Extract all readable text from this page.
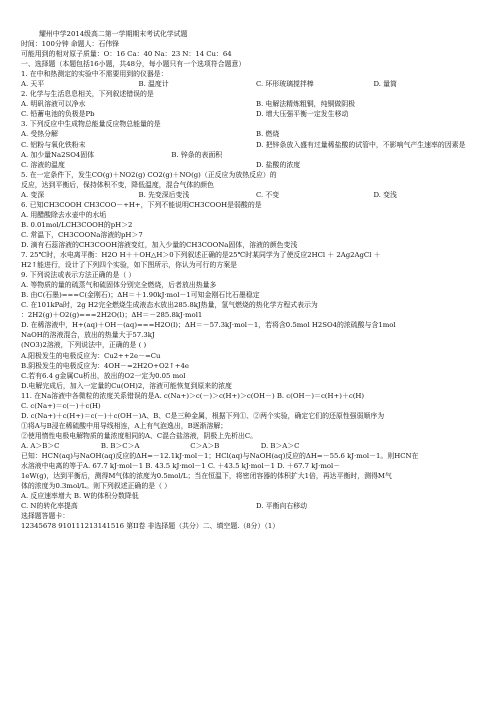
耀州中学2014级高二第一学期期末考试化学试题
时间：100分钟 命题人：石伟锋
可能用到的相对原子质量：O：16 Ca：40 Na：23 N：14 Cu：64
一、选择题（本题包括16小题，共48分，每小题只有一个选项符合题意）
1. 在中和热测定的实验中不需要用到的仪器是：
A. 天平	B. 温度计	C. 环形玻璃搅拌棒	D. 量筒
2. 化学与生活息息相关，下列叙述错误的是
A. 明矾溶液可以净水	B. 电解法精炼粗铜，纯铜做阴极
C. 铅蓄电池的负极是Pb	D. 增大压强平衡一定发生移动
3. 下列反应中生成物总能量反应物总能量的是
A. 受热分解	B. 燃烧
C. 铝粉与氧化铁粉末	D. 把锌条放入盛有过量稀盐酸的试管中，不影响气产生速率的因素是
A. 加少量Na2SO4固体	B. 锌条的表面积
C. 溶液的温度	D. 盐酸的浓度
5. 在一定条件下，发生CO(g)＋NO2(g) CO2(g)＋NO(g)（正反应为放热反应）的
反应，达到平衡后，保持体积不变，降低温度，混合气体的颜色
A. 变深	B. 先变深后变浅	C. 不变	D. 变浅
6. 已知CH3COOH CH3COO－+H+，下列不能说明CH3COOH是弱酸的是
A. 用醋酸除去水壶中的水垢
B. 0.01mol/LCH3COOH的pH＞2
C. 常温下，CH3COONa溶液的pH＞7
D. 滴有石蕊溶液的CH3COOH溶液变红，加入少量的CH3COONa固体，溶液的颜色变浅
7. 25℃时，水电离平衡：H2O H＋＋OH△H＞0下列叙述正确的是25℃时某同学为了使反应2HCl ＋ 2Ag2AgCl ＋
H2↑能进行，设计了下列四个实验，如下图所示，你认为可行的方案是
9. 下列说法或表示方法正确的是（ ）
A. 等物质的量的硫蒸气和硫固体分别完全燃烧，后者放出热量多
B. 由C(石墨)===C(金刚石)；ΔH＝＋1.90kJ·mol－1可知金刚石比石墨稳定
C. 在101kPa时，2g H2完全燃烧生成液态水放出285.8kJ热量，氢气燃烧的热化学方程式表示为
：2H2(g)＋O2(g)===2H2O(l)；ΔH＝－285.8kJ·mol1
D. 在稀溶液中，H+(aq)＋OH－(aq)===H2O(l)；ΔH＝－57.3kJ·mol－1，若将含0.5mol H2SO4的浓硫酸与含1mol
NaOH的溶液混合，放出的热量大于57.3kJ
(NO3)2溶液，下列说法中，正确的是 ( )
A.阳极发生的电极反应为：Cu2++2e－=Cu
B.阴极发生的电极反应为：4OH－=2H2O+O2↑+4e
C.若有6.4 g金属Cu析出，放出的O2一定为0.05 mol
D.电解完成后，加入一定量的Cu(OH)2，溶液可能恢复到原来的浓度
11. 在Na溶液中各微粒的浓度关系错误的是A. c(Na+)＞c(－)＞c(H+)＞c(OH－) B. c(OH－)＝c(H+)＋c(H)
C. c(Na+)＝c(－)＋c(H)
D. c(Na+)＋c(H+)＝c(－)＋c(OH－)A、B、C是三种金属，根据下列①、②两个实验，确定它们的还原性强弱顺序为
①将A与B浸在稀硫酸中用导线相连，A上有气泡逸出，B逐渐溶解；
②使用惰性电极电解物质的量浓度相同的A、C混合盐溶液，阴极上先析出C。
A. A＞B＞C	B. B＞C＞A	C＞A＞B	D. B＞A＞C
已知：HCN(aq)与NaOH(aq)反应的ΔH=－12.1kJ·mol－1；HCl(aq)与NaOH(aq)反应的ΔH=－55.6 kJ·mol－1。则HCN在
水溶液中电离的等于A. 67.7 kJ·mol－1 B. 43.5 kJ·mol－1 C. ＋43.5 kJ·mol－1 D. ＋67.7 kJ·mol－
1eW(g)，达到平衡后，测得M气体的浓度为0.5mol/L；当在恒温下，将密闭容器的体积扩大1倍，再达平衡时，测得M气
体的浓度为0.3mol/L。则下列叙述正确的是（ ）
A. 反应速率增大 B. W的体积分数降低
C. N的转化率提高	D. 平衡向右移动
选择题答题卡：
12345678 910111213141516 第II卷 非选择题（共分）二、填空题.（8分）（1）
